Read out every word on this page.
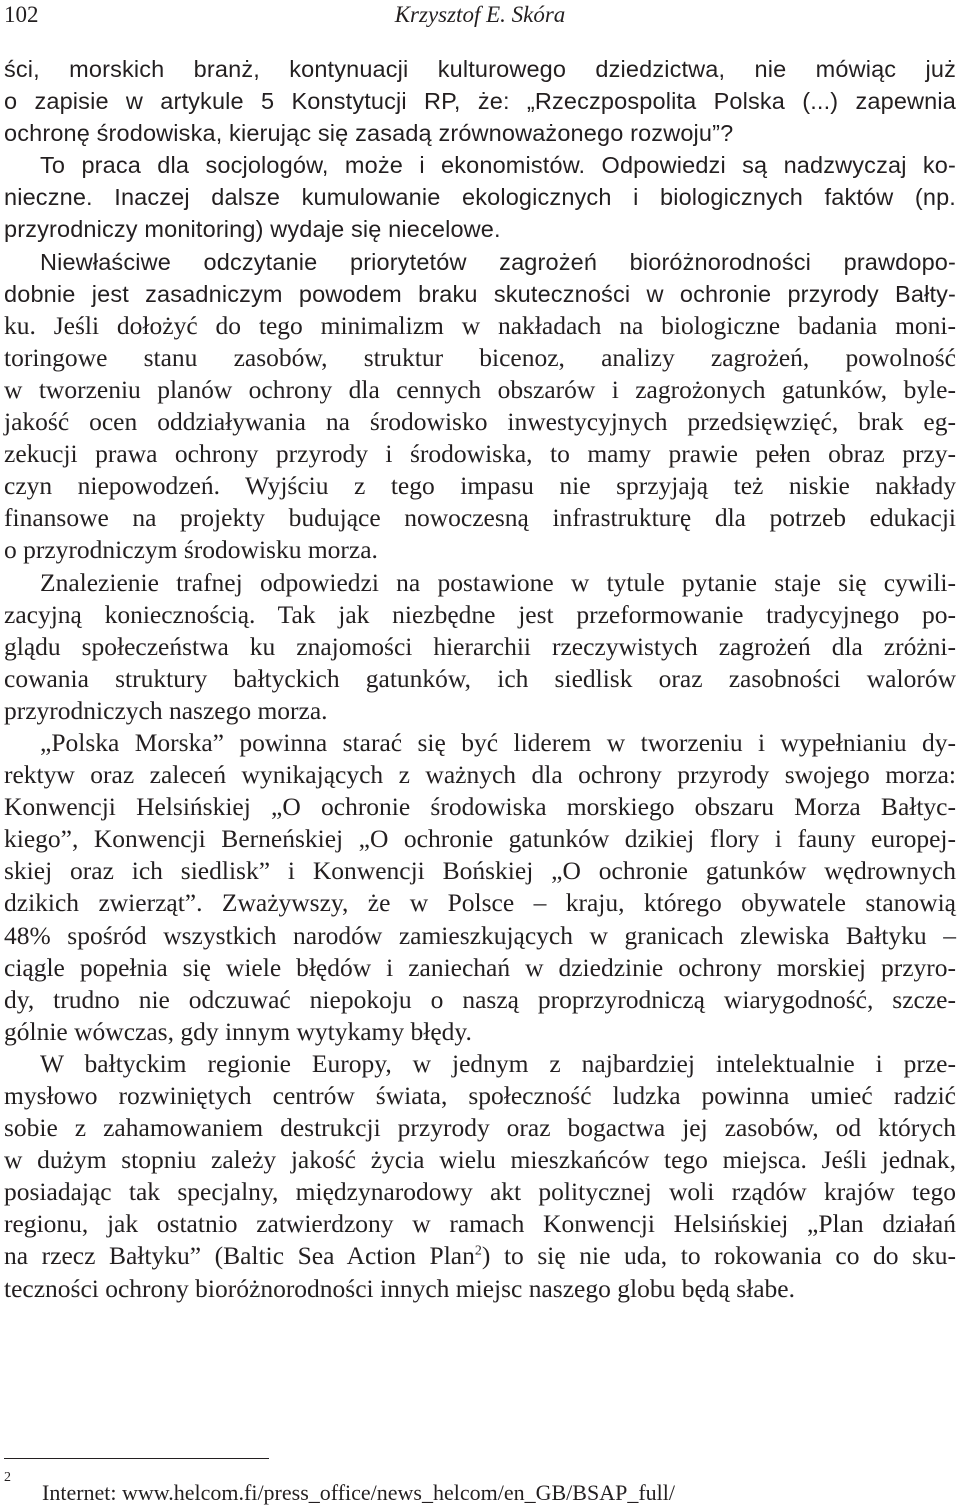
102	Krzysztof E. Skóra
ści, morskich branż, kontynuacji kulturowego dziedzictwa, nie mówiąc już
o zapisie w artykule 5 Konstytucji RP, że: „Rzeczpospolita Polska (...) zapewnia
ochronę środowiska, kierując się zasadą zrównoważonego rozwoju”?
To praca dla socjologów, może i ekonomistów. Odpowiedzi są nadzwyczaj ko-
nieczne. Inaczej dalsze kumulowanie ekologicznych i biologicznych faktów (np.
przyrodniczy monitoring) wydaje się niecelowe.
Niewłaściwe odczytanie priorytetów zagrożeń bioróżnorodności prawdopo-
dobnie jest zasadniczym powodem braku skuteczności w ochronie przyrody Bałty-
ku. Jeśli dołożyć do tego minimalizm w nakładach na biologiczne badania moni-
toringowe stanu zasobów, struktur bicenoz, analizy zagrożeń, powolność
w tworzeniu planów ochrony dla cennych obszarów i zagrożonych gatunków, byle-
jakość ocen oddziaływania na środowisko inwestycyjnych przedsięwzięć, brak eg-
zekucji prawa ochrony przyrody i środowiska, to mamy prawie pełen obraz przy-
czyn niepowodzeń. Wyjściu z tego impasu nie sprzyjają też niskie nakłady
finansowe na projekty budujące nowoczesną infrastrukturę dla potrzeb edukacji
o przyrodniczym środowisku morza.
Znalezienie trafnej odpowiedzi na postawione w tytule pytanie staje się cywili-
zacyjną koniecznością. Tak jak niezbędne jest przeformowanie tradycyjnego po-
glądu społeczeństwa ku znajomości hierarchii rzeczywistych zagrożeń dla zróżni-
cowania struktury bałtyckich gatunków, ich siedlisk oraz zasobności walorów
przyrodniczych naszego morza.
„Polska Morska” powinna starać się być liderem w tworzeniu i wypełnianiu dy-
rektyw oraz zaleceń wynikających z ważnych dla ochrony przyrody swojego morza:
Konwencji Helsińskiej „O ochronie środowiska morskiego obszaru Morza Bałtyc-
kiego”, Konwencji Berneńskiej „O ochronie gatunków dzikiej flory i fauny europej-
skiej oraz ich siedlisk” i Konwencji Bońskiej „O ochronie gatunków wędrownych
dzikich zwierząt”. Zważywszy, że w Polsce – kraju, którego obywatele stanowią
48% spośród wszystkich narodów zamieszkujących w granicach zlewiska Bałtyku –
ciągle popełnia się wiele błędów i zaniechań w dziedzinie ochrony morskiej przyro-
dy, trudno nie odczuwać niepokoju o naszą proprzyrodniczą wiarygodność, szcze-
gólnie wówczas, gdy innym wytykamy błędy.
W bałtyckim regionie Europy, w jednym z najbardziej intelektualnie i prze-
mysłowo rozwiniętych centrów świata, społeczność ludzka powinna umieć radzić
sobie z zahamowaniem destrukcji przyrody oraz bogactwa jej zasobów, od których
w dużym stopniu zależy jakość życia wielu mieszkańców tego miejsca. Jeśli jednak,
posiadając tak specjalny, międzynarodowy akt politycznej woli rządów krajów tego
regionu, jak ostatnio zatwierdzony w ramach Konwencji Helsińskiej „Plan działań
na rzecz Bałtyku” (Baltic Sea Action Plan$^2$) to się nie uda, to rokowania co do sku-
teczności ochrony bioróżnorodności innych miejsc naszego globu będą słabe.
2
Internet: www.helcom.fi/press_office/news_helcom/en_GB/BSAP_full/
